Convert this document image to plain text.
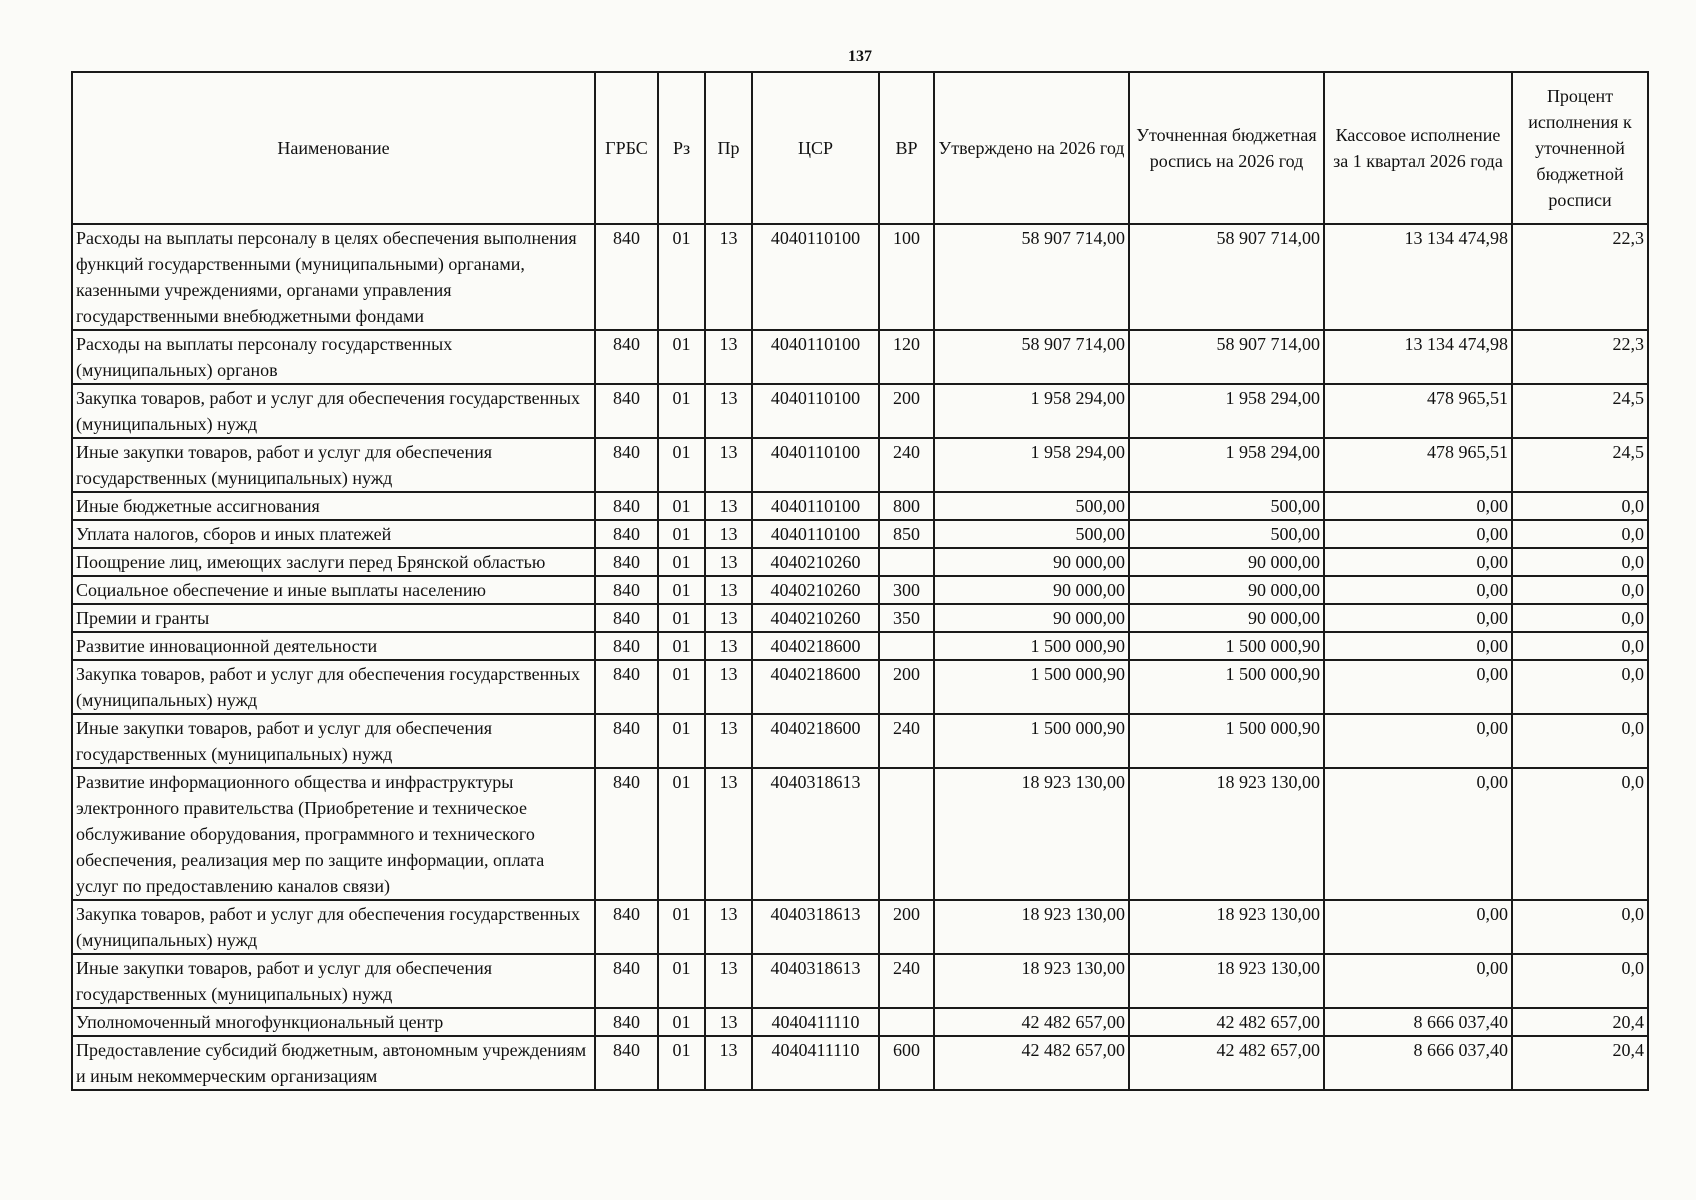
137
Наименование	ГРБС	Рз	Пр	ЦСР	ВР	Утверждено на 2026 год	Уточненная бюджетная роспись на 2026 год	Кассовое исполнение за 1 квартал 2026 года	Процент исполнения к уточненной бюджетной росписи
Расходы на выплаты персоналу в целях обеспечения выполнения функций государственными (муниципальными) органами, казенными учреждениями, органами управления государственными внебюджетными фондами	840	01	13	4040110100	100	58 907 714,00	58 907 714,00	13 134 474,98	22,3
Расходы на выплаты персоналу государственных (муниципальных) органов	840	01	13	4040110100	120	58 907 714,00	58 907 714,00	13 134 474,98	22,3
Закупка товаров, работ и услуг для обеспечения государственных (муниципальных) нужд	840	01	13	4040110100	200	1 958 294,00	1 958 294,00	478 965,51	24,5
Иные закупки товаров, работ и услуг для обеспечения государственных (муниципальных) нужд	840	01	13	4040110100	240	1 958 294,00	1 958 294,00	478 965,51	24,5
Иные бюджетные ассигнования	840	01	13	4040110100	800	500,00	500,00	0,00	0,0
Уплата налогов, сборов и иных платежей	840	01	13	4040110100	850	500,00	500,00	0,00	0,0
Поощрение лиц, имеющих заслуги перед Брянской областью	840	01	13	4040210260		90 000,00	90 000,00	0,00	0,0
Социальное обеспечение и иные выплаты населению	840	01	13	4040210260	300	90 000,00	90 000,00	0,00	0,0
Премии и гранты	840	01	13	4040210260	350	90 000,00	90 000,00	0,00	0,0
Развитие инновационной деятельности	840	01	13	4040218600		1 500 000,90	1 500 000,90	0,00	0,0
Закупка товаров, работ и услуг для обеспечения государственных (муниципальных) нужд	840	01	13	4040218600	200	1 500 000,90	1 500 000,90	0,00	0,0
Иные закупки товаров, работ и услуг для обеспечения государственных (муниципальных) нужд	840	01	13	4040218600	240	1 500 000,90	1 500 000,90	0,00	0,0
Развитие информационного общества и инфраструктуры электронного правительства (Приобретение и техническое обслуживание оборудования, программного и технического обеспечения, реализация мер по защите информации, оплата услуг по предоставлению каналов связи)	840	01	13	4040318613		18 923 130,00	18 923 130,00	0,00	0,0
Закупка товаров, работ и услуг для обеспечения государственных (муниципальных) нужд	840	01	13	4040318613	200	18 923 130,00	18 923 130,00	0,00	0,0
Иные закупки товаров, работ и услуг для обеспечения государственных (муниципальных) нужд	840	01	13	4040318613	240	18 923 130,00	18 923 130,00	0,00	0,0
Уполномоченный многофункциональный центр	840	01	13	4040411110		42 482 657,00	42 482 657,00	8 666 037,40	20,4
Предоставление субсидий бюджетным, автономным учреждениям и иным некоммерческим организациям	840	01	13	4040411110	600	42 482 657,00	42 482 657,00	8 666 037,40	20,4
